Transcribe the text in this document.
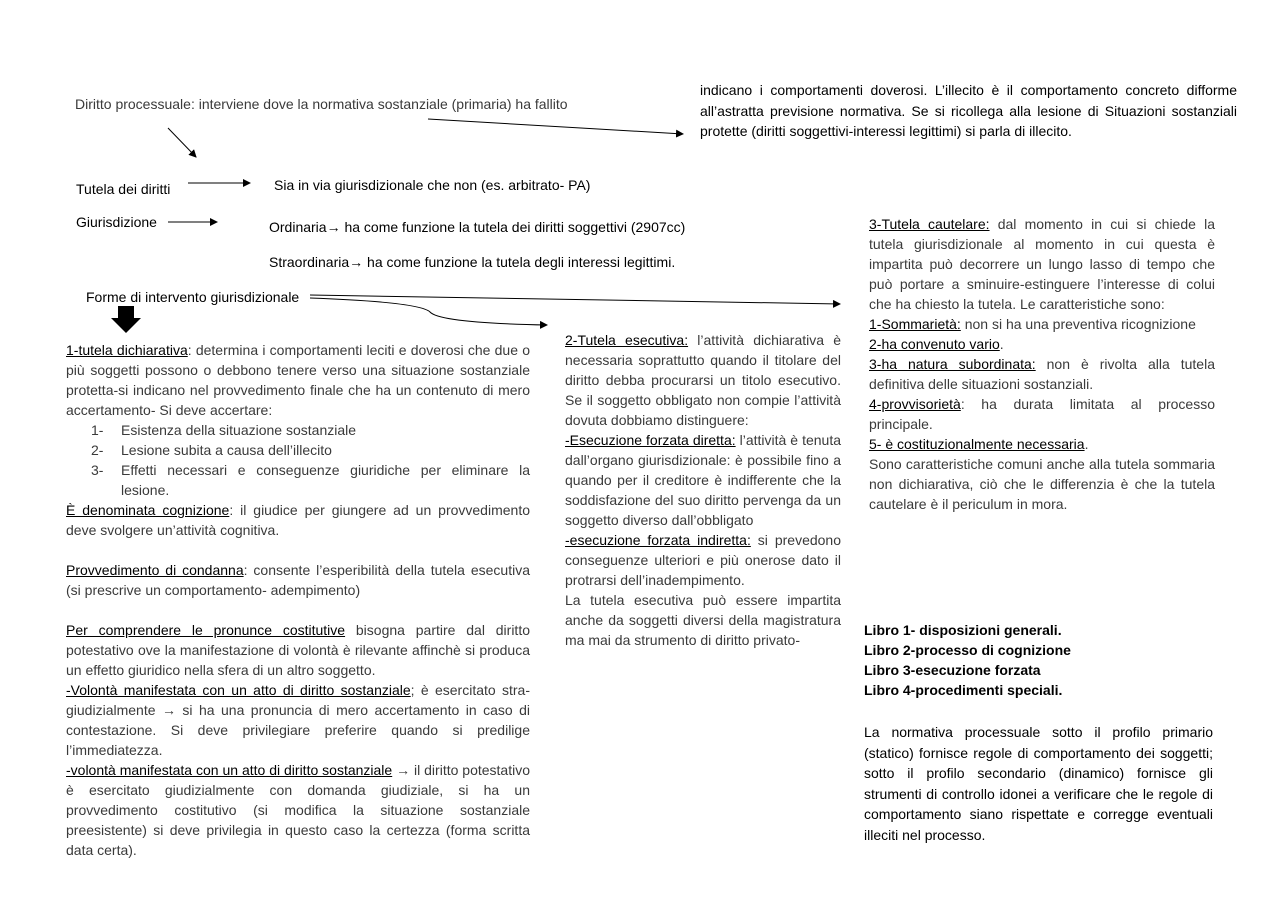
indicano i comportamenti doverosi. L’illecito è il comportamento concreto difforme all’astratta previsione normativa. Se si ricollega alla lesione di Situazioni sostanziali protette (diritti soggettivi-interessi legittimi) si parla di illecito.
Diritto processuale: interviene dove la normativa sostanziale (primaria) ha fallito
Tutela dei diritti	Sia in via giurisdizionale che non (es. arbitrato- PA)
Giurisdizione	Ordinaria→ ha come funzione la tutela dei diritti soggettivi (2907cc)
Straordinaria→ ha come funzione la tutela degli interessi legittimi.
Forme di intervento giurisdizionale

1-tutela dichiarativa: determina i comportamenti leciti e doverosi che due o più soggetti possono o debbono tenere verso una situazione sostanziale protetta-si indicano nel provvedimento finale che ha un contenuto di mero accertamento- Si deve accertare:

1- Esistenza della situazione sostanziale
2- Lesione subita a causa dell’illecito
3- Effetti necessari e conseguenze giuridiche per eliminare la lesione.

È denominata cognizione: il giudice per giungere ad un provvedimento deve svolgere un’attività cognitiva.

Provvedimento di condanna: consente l’esperibilità della tutela esecutiva (si prescrive un comportamento- adempimento)

Per comprendere le pronunce costitutive bisogna partire dal diritto potestativo ove la manifestazione di volontà è rilevante affinchè si produca un effetto giuridico nella sfera di un altro soggetto.

-Volontà manifestata con un atto di diritto sostanziale; è esercitato stra-giudizialmente → si ha una pronuncia di mero accertamento in caso di contestazione. Si deve privilegiare preferire quando si predilige l’immediatezza.

-volontà manifestata con un atto di diritto sostanziale → il diritto potestativo è esercitato giudizialmente con domanda giudiziale, si ha un provvedimento costitutivo (si modifica la situazione sostanziale preesistente) si deve privilegia in questo caso la certezza (forma scritta data certa).

2-Tutela esecutiva: l’attività dichiarativa è necessaria soprattutto quando il titolare del diritto debba procurarsi un titolo esecutivo. Se il soggetto obbligato non compie l’attività dovuta dobbiamo distinguere:

-Esecuzione forzata diretta: l’attività è tenuta dall’organo giurisdizionale: è possibile fino a quando per il creditore è indifferente che la soddisfazione del suo diritto pervenga da un soggetto diverso dall’obbligato

-esecuzione forzata indiretta: si prevedono conseguenze ulteriori e più onerose dato il protrarsi dell’inadempimento.

La tutela esecutiva può essere impartita anche da soggetti diversi della magistratura ma mai da strumento di diritto privato-

3-Tutela cautelare: dal momento in cui si chiede la tutela giurisdizionale al momento in cui questa è impartita può decorrere un lungo lasso di tempo che può portare a sminuire-estinguere l’interesse di colui che ha chiesto la tutela. Le caratteristiche sono:

1-Sommarietà: non si ha una preventiva ricognizione

2-ha convenuto vario.

3-ha natura subordinata: non è rivolta alla tutela definitiva delle situazioni sostanziali.

4-provvisorietà: ha durata limitata al processo principale.

5- è costituzionalmente necessaria.

Sono caratteristiche comuni anche alla tutela sommaria non dichiarativa, ciò che le differenzia è che la tutela cautelare è il periculum in mora.

Libro 1- disposizioni generali.

Libro 2-processo di cognizione

Libro 3-esecuzione forzata

Libro 4-procedimenti speciali.

La normativa processuale sotto il profilo primario (statico) fornisce regole di comportamento dei soggetti; sotto il profilo secondario (dinamico) fornisce gli strumenti di controllo idonei a verificare che le regole di comportamento siano rispettate e corregge eventuali illeciti nel processo.
